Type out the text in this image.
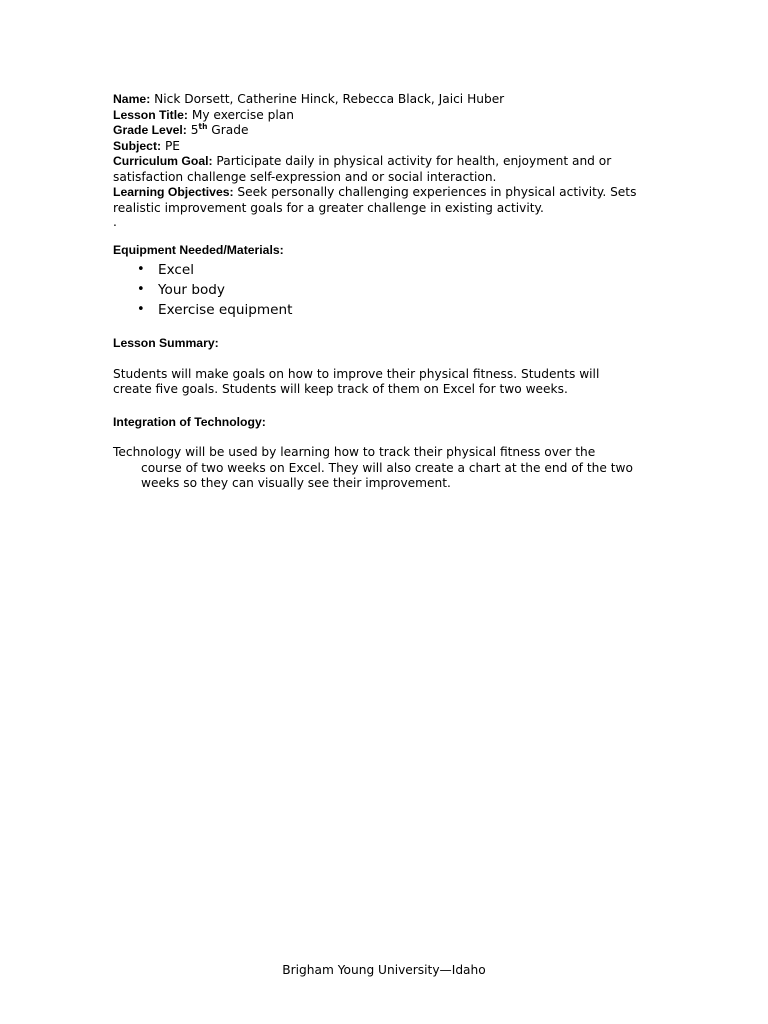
Name: Nick Dorsett, Catherine Hinck, Rebecca Black, Jaici Huber

Lesson Title: My exercise plan

Grade Level: 5th Grade

Subject: PE

Curriculum Goal: Participate daily in physical activity for health, enjoyment and or

satisfaction challenge self-expression and or social interaction.

Learning Objectives: Seek personally challenging experiences in physical activity. Sets

realistic improvement goals for a greater challenge in existing activity.

.

Equipment Needed/Materials:

• Excel
• Your body
• Exercise equipment

Lesson Summary:

Students will make goals on how to improve their physical fitness. Students will

create five goals. Students will keep track of them on Excel for two weeks.

Integration of Technology:

Technology will be used by learning how to track their physical fitness over the

course of two weeks on Excel. They will also create a chart at the end of the two

weeks so they can visually see their improvement.

Brigham Young University—Idaho
